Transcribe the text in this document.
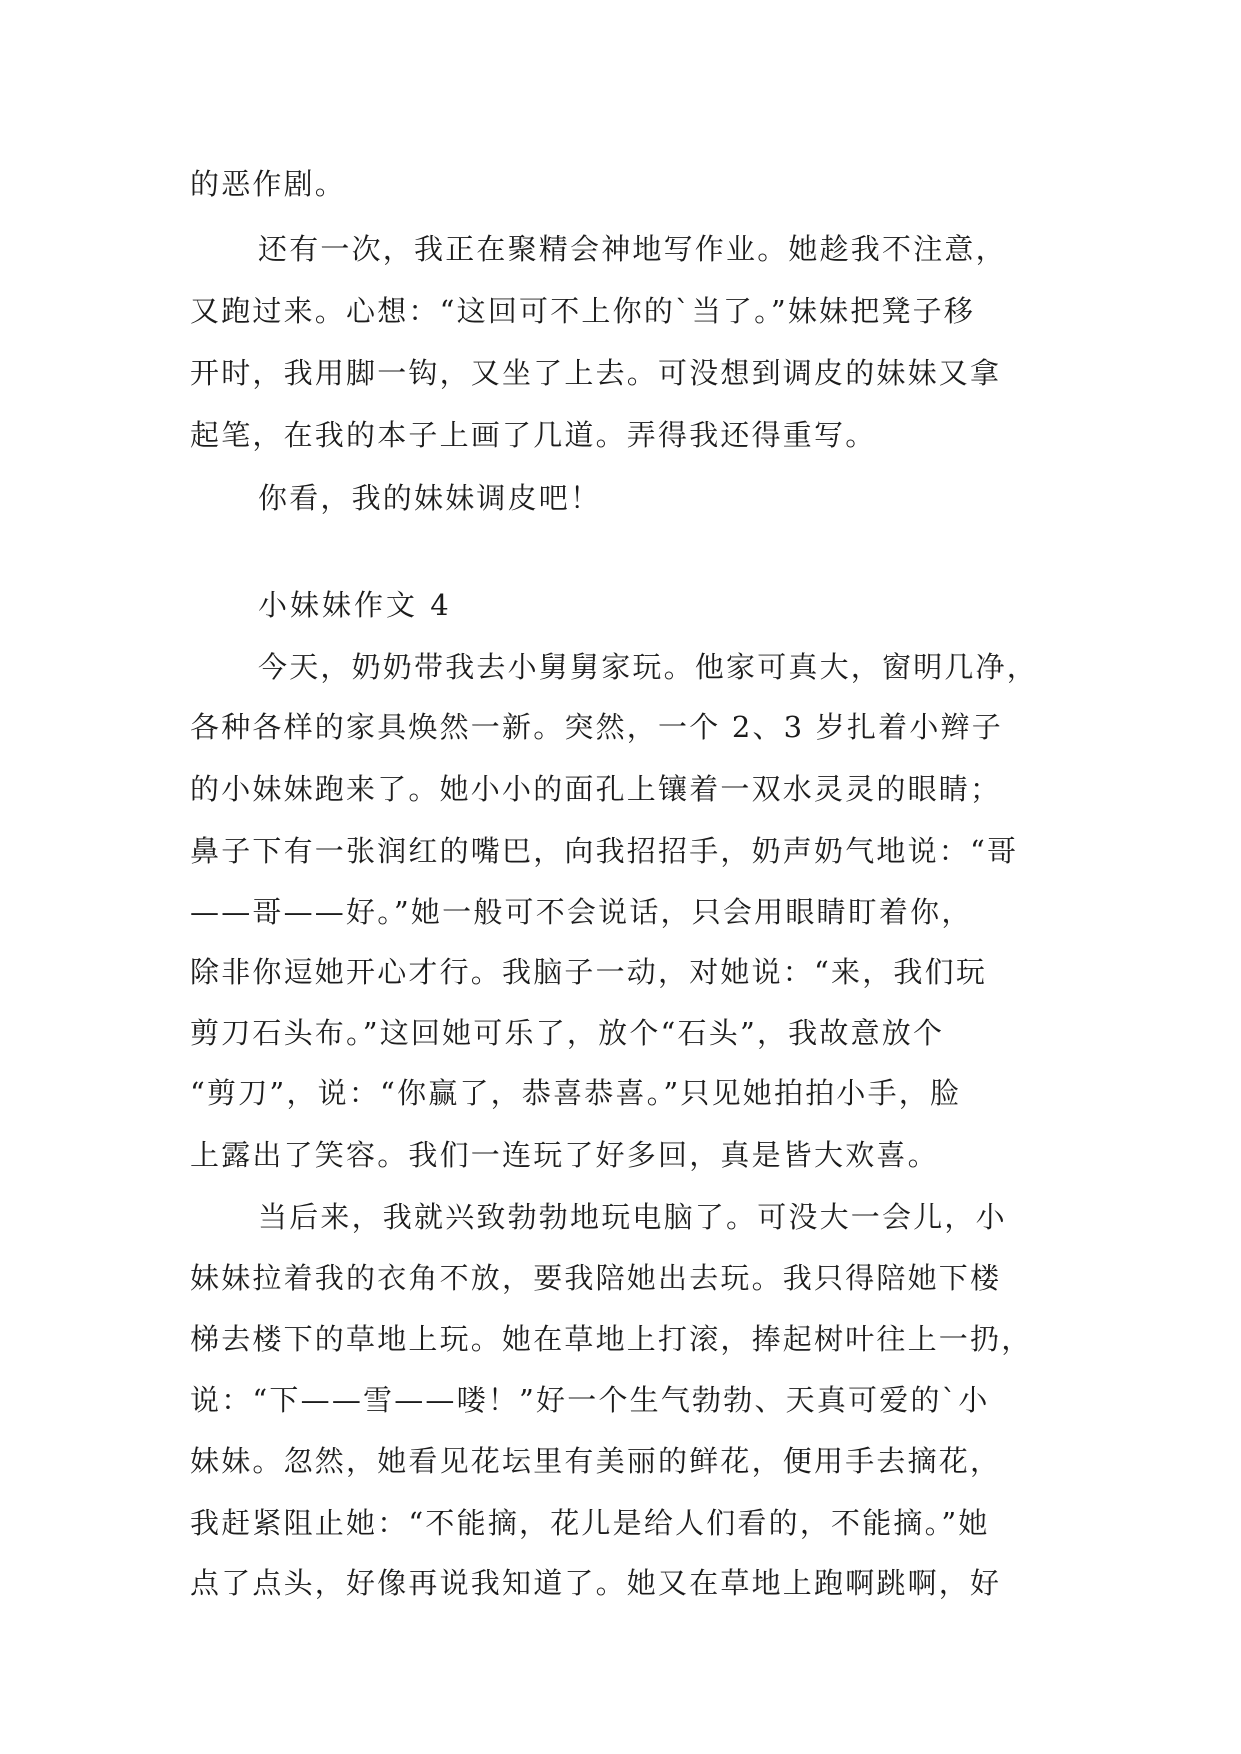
的恶作剧。
还有一次，我正在聚精会神地写作业。她趁我不注意，
又跑过来。心想：“这回可不上你的`当了。”妹妹把凳子移
开时，我用脚一钩，又坐了上去。可没想到调皮的妹妹又拿
起笔，在我的本子上画了几道。弄得我还得重写。
你看，我的妹妹调皮吧！
小妹妹作文 4
今天，奶奶带我去小舅舅家玩。他家可真大，窗明几净，
各种各样的家具焕然一新。突然，一个 2、3 岁扎着小辫子
的小妹妹跑来了。她小小的面孔上镶着一双水灵灵的眼睛；
鼻子下有一张润红的嘴巴，向我招招手，奶声奶气地说：“哥
——哥——好。”她一般可不会说话，只会用眼睛盯着你，
除非你逗她开心才行。我脑子一动，对她说：“来，我们玩
剪刀石头布。”这回她可乐了，放个“石头”，我故意放个
“剪刀”，说：“你赢了，恭喜恭喜。”只见她拍拍小手，脸
上露出了笑容。我们一连玩了好多回，真是皆大欢喜。
当后来，我就兴致勃勃地玩电脑了。可没大一会儿，小
妹妹拉着我的衣角不放，要我陪她出去玩。我只得陪她下楼
梯去楼下的草地上玩。她在草地上打滚，捧起树叶往上一扔，
说：“下——雪——喽！”好一个生气勃勃、天真可爱的`小
妹妹。忽然，她看见花坛里有美丽的鲜花，便用手去摘花，
我赶紧阻止她：“不能摘，花儿是给人们看的，不能摘。”她
点了点头，好像再说我知道了。她又在草地上跑啊跳啊，好
